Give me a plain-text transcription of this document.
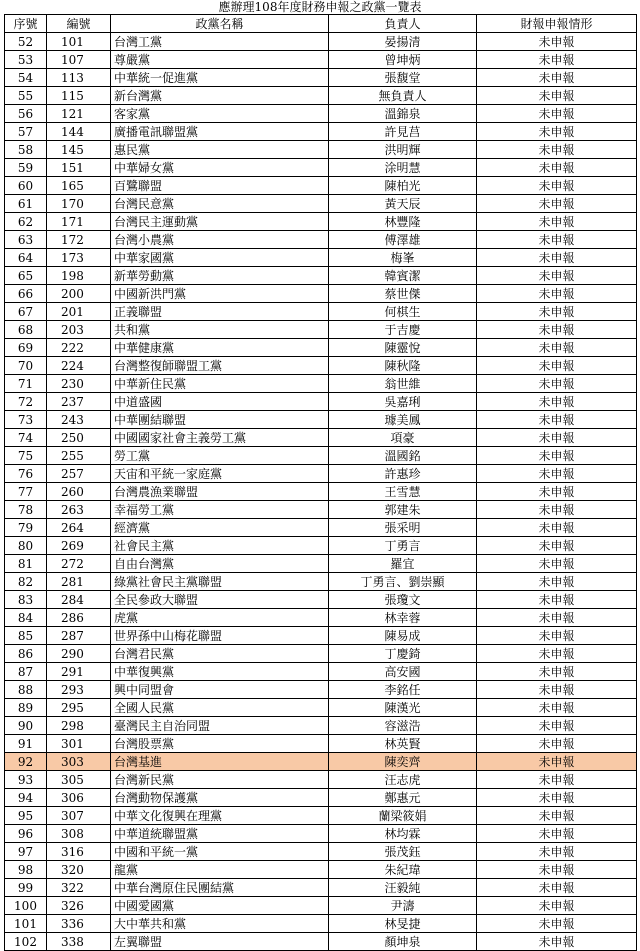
應辦理108年度財務申報之政黨一覽表
序號	編號	政黨名稱	負責人	財報申報情形
52	101	台灣工黨	晏揚清	未申報
53	107	尊嚴黨	曾坤炳	未申報
54	113	中華統一促進黨	張馥堂	未申報
55	115	新台灣黨	無負責人	未申報
56	121	客家黨	溫錦泉	未申報
57	144	廣播電訊聯盟黨	許見莒	未申報
58	145	惠民黨	洪明輝	未申報
59	151	中華婦女黨	涂明慧	未申報
60	165	百鷺聯盟	陳柏光	未申報
61	170	台灣民意黨	黃天辰	未申報
62	171	台灣民主運動黨	林豐隆	未申報
63	172	台灣小農黨	傅澤雄	未申報
64	173	中華家國黨	梅峯	未申報
65	198	新華勞動黨	韓賓潔	未申報
66	200	中國新洪門黨	蔡世傑	未申報
67	201	正義聯盟	何棋生	未申報
68	203	共和黨	于吉慶	未申報
69	222	中華健康黨	陳靈悅	未申報
70	224	台灣整復師聯盟工黨	陳秋隆	未申報
71	230	中華新住民黨	翁世維	未申報
72	237	中道盛國	吳嘉琍	未申報
73	243	中華團結聯盟	璩美鳳	未申報
74	250	中國國家社會主義勞工黨	項豪	未申報
75	255	勞工黨	溫國銘	未申報
76	257	天宙和平統一家庭黨	許惠珍	未申報
77	260	台灣農漁業聯盟	王雪慧	未申報
78	263	幸福勞工黨	郭建朱	未申報
79	264	經濟黨	張采明	未申報
80	269	社會民主黨	丁勇言	未申報
81	272	自由台灣黨	羅宜	未申報
82	281	綠黨社會民主黨聯盟	丁勇言、劉崇顯	未申報
83	284	全民參政大聯盟	張瓊文	未申報
84	286	虎黨	林幸蓉	未申報
85	287	世界孫中山梅花聯盟	陳易成	未申報
86	290	台灣君民黨	丁慶錡	未申報
87	291	中華復興黨	高安國	未申報
88	293	興中同盟會	李銘任	未申報
89	295	全國人民黨	陳漢光	未申報
90	298	臺灣民主自治同盟	容滋浩	未申報
91	301	台灣股票黨	林英賢	未申報
92	303	台灣基進	陳奕齊	未申報
93	305	台灣新民黨	汪志虎	未申報
94	306	台灣動物保護黨	鄭惠元	未申報
95	307	中華文化復興在理黨	蘭梁筱娟	未申報
96	308	中華道統聯盟黨	林均霖	未申報
97	316	中國和平統一黨	張茂鈺	未申報
98	320	龍黨	朱紀瑋	未申報
99	322	中華台灣原住民團結黨	汪毅純	未申報
100	326	中國愛國黨	尹濤	未申報
101	336	大中華共和黨	林旻捷	未申報
102	338	左翼聯盟	顏坤泉	未申報
